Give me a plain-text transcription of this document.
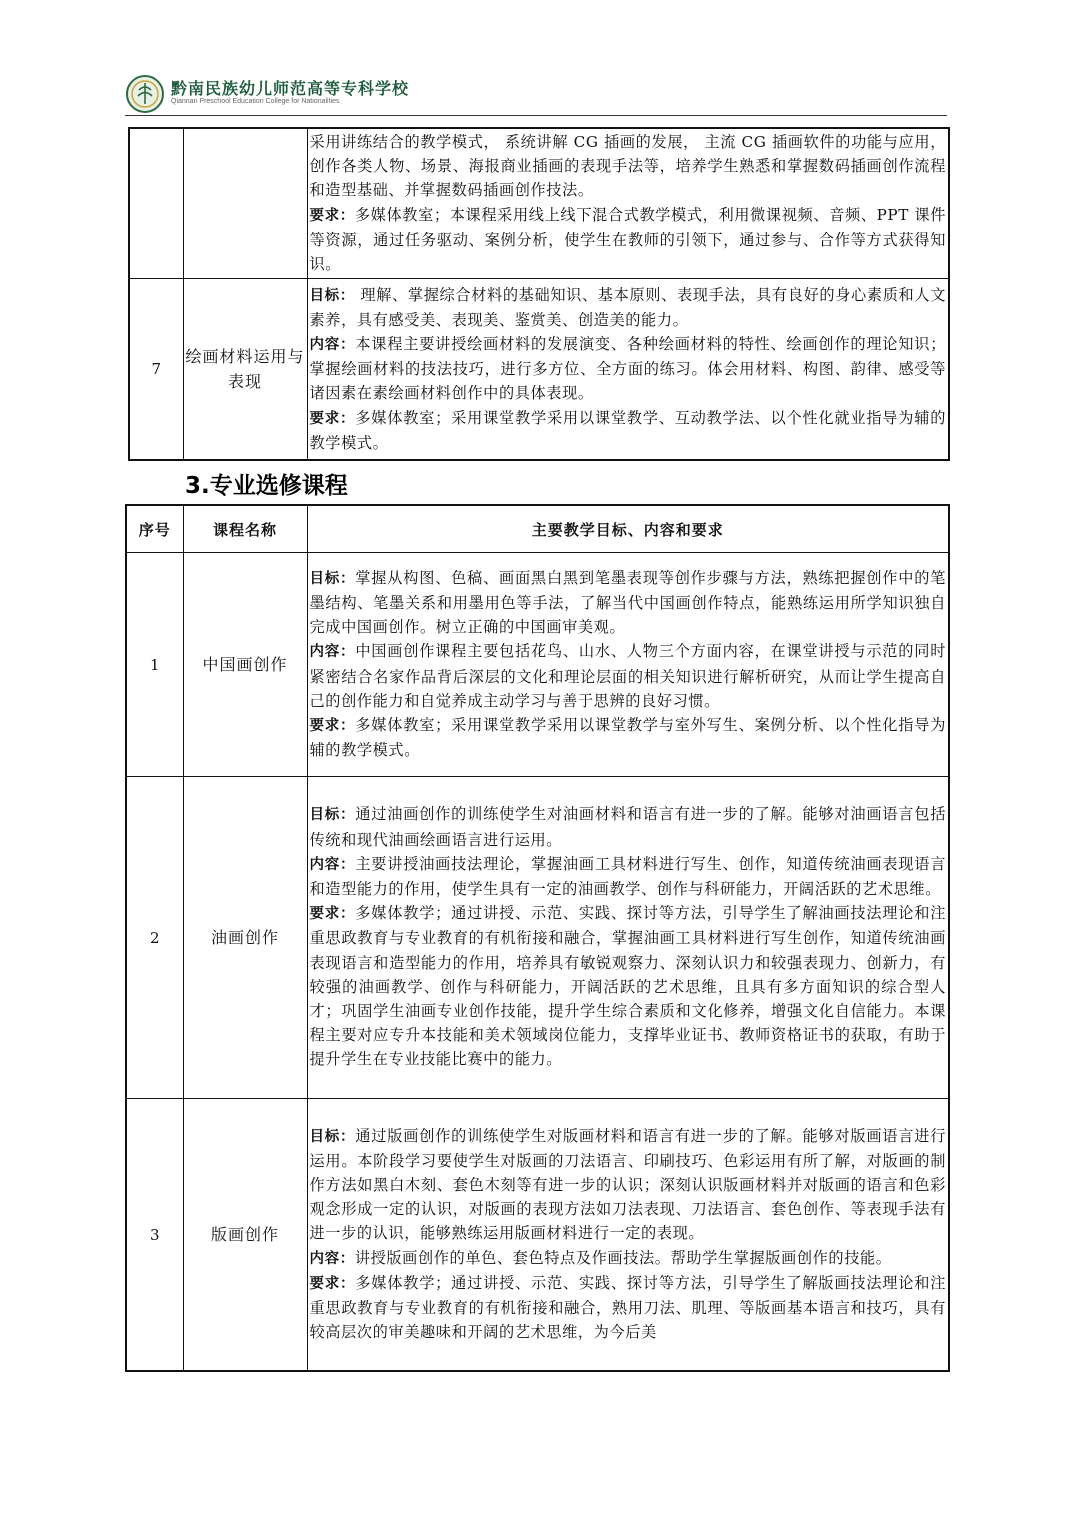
黔南民族幼儿师范高等专科学校
Qiannan Preschool Education College for Nationalities

		采用讲练结合的教学模式， 系统讲解 CG 插画的发展， 主流 CG 插画软件的功能与应用，创作各类人物、场景、海报商业插画的表现手法等，培养学生熟悉和掌握数码插画创作流程和造型基础、并掌握数码插画创作技法。

要求：多媒体教室；本课程采用线上线下混合式教学模式，利用微课视频、音频、PPT 课件等资源，通过任务驱动、案例分析，使学生在教师的引领下，通过参与、合作等方式获得知识。

7	绘画材料运用与表现	目标： 理解、掌握综合材料的基础知识、基本原则、表现手法，具有良好的身心素质和人文素养，具有感受美、表现美、鉴赏美、创造美的能力。

内容：本课程主要讲授绘画材料的发展演变、各种绘画材料的特性、绘画创作的理论知识；掌握绘画材料的技法技巧，进行多方位、全方面的练习。体会用材料、构图、韵律、感受等诸因素在素绘画材料创作中的具体表现。

要求：多媒体教室；采用课堂教学采用以课堂教学、互动教学法、以个性化就业指导为辅的教学模式。

3.专业选修课程
序号	课程名称	主要教学目标、内容和要求
1	中国画创作	目标：掌握从构图、色稿、画面黑白黑到笔墨表现等创作步骤与方法，熟练把握创作中的笔墨结构、笔墨关系和用墨用色等手法，了解当代中国画创作特点，能熟练运用所学知识独自完成中国画创作。树立正确的中国画审美观。

内容：中国画创作课程主要包括花鸟、山水、人物三个方面内容，在课堂讲授与示范的同时紧密结合名家作品背后深层的文化和理论层面的相关知识进行解析研究，从而让学生提高自己的创作能力和自觉养成主动学习与善于思辨的良好习惯。

要求：多媒体教室；采用课堂教学采用以课堂教学与室外写生、案例分析、以个性化指导为辅的教学模式。

2	油画创作	目标：通过油画创作的训练使学生对油画材料和语言有进一步的了解。能够对油画语言包括传统和现代油画绘画语言进行运用。

内容：主要讲授油画技法理论，掌握油画工具材料进行写生、创作，知道传统油画表现语言和造型能力的作用，使学生具有一定的油画教学、创作与科研能力，开阔活跃的艺术思维。

要求：多媒体教学；通过讲授、示范、实践、探讨等方法，引导学生了解油画技法理论和注重思政教育与专业教育的有机衔接和融合，掌握油画工具材料进行写生创作，知道传统油画表现语言和造型能力的作用，培养具有敏锐观察力、深刻认识力和较强表现力、创新力，有较强的油画教学、创作与科研能力，开阔活跃的艺术思维，且具有多方面知识的综合型人才；巩固学生油画专业创作技能，提升学生综合素质和文化修养，增强文化自信能力。本课程主要对应专升本技能和美术领域岗位能力，支撑毕业证书、教师资格证书的获取，有助于提升学生在专业技能比赛中的能力。

3	版画创作	目标：通过版画创作的训练使学生对版画材料和语言有进一步的了解。能够对版画语言进行运用。本阶段学习要使学生对版画的刀法语言、印刷技巧、色彩运用有所了解，对版画的制作方法如黑白木刻、套色木刻等有进一步的认识；深刻认识版画材料并对版画的语言和色彩观念形成一定的认识，对版画的表现方法如刀法表现、刀法语言、套色创作、等表现手法有进一步的认识，能够熟练运用版画材料进行一定的表现。

内容：讲授版画创作的单色、套色特点及作画技法。帮助学生掌握版画创作的技能。

要求：多媒体教学；通过讲授、示范、实践、探讨等方法，引导学生了解版画技法理论和注重思政教育与专业教育的有机衔接和融合，熟用刀法、肌理、等版画基本语言和技巧，具有较高层次的审美趣味和开阔的艺术思维，为今后美
